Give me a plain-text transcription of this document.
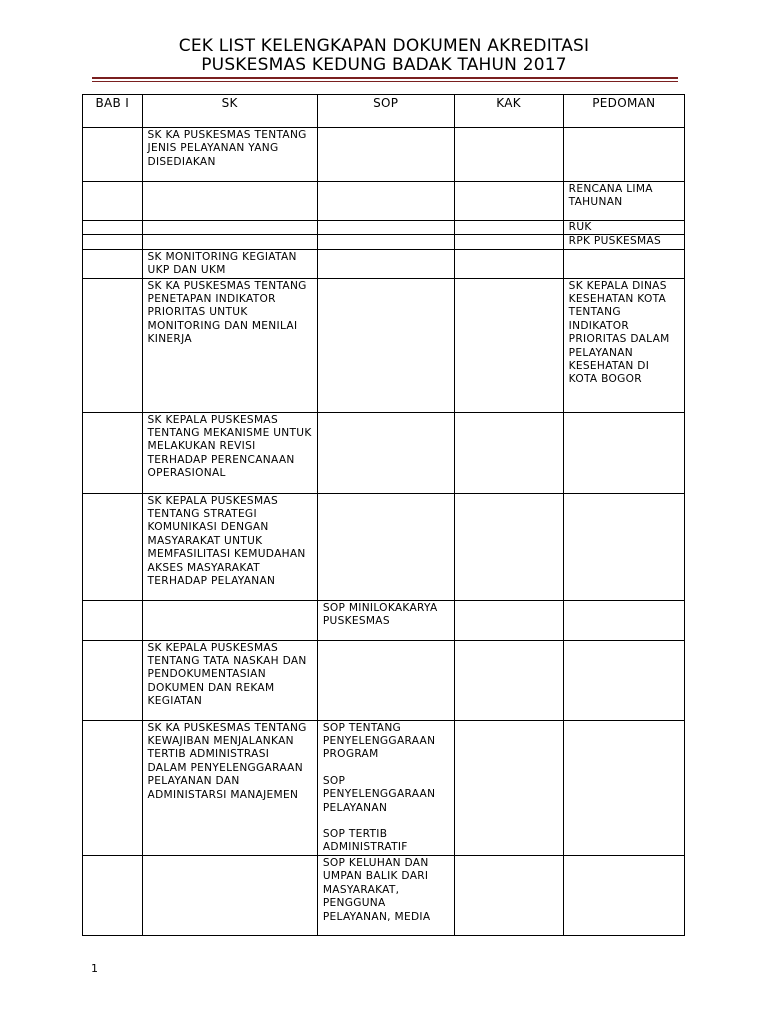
CEK LIST KELENGKAPAN DOKUMEN AKREDITASI
PUSKESMAS KEDUNG BADAK TAHUN 2017
BAB I	SK	SOP	KAK	PEDOMAN
	SK KA PUSKESMAS TENTANG JENIS PELAYANAN YANG DISEDIAKAN			
				RENCANA LIMA TAHUNAN
				RUK
				RPK PUSKESMAS
	SK MONITORING KEGIATAN UKP DAN UKM			
	SK KA PUSKESMAS TENTANG PENETAPAN INDIKATOR PRIORITAS UNTUK MONITORING DAN MENILAI KINERJA			SK KEPALA DINAS KESEHATAN KOTA TENTANG INDIKATOR PRIORITAS DALAM PELAYANAN KESEHATAN DI KOTA BOGOR
	SK KEPALA PUSKESMAS TENTANG MEKANISME UNTUK MELAKUKAN REVISI TERHADAP PERENCANAAN OPERASIONAL			
	SK KEPALA PUSKESMAS TENTANG STRATEGI KOMUNIKASI DENGAN MASYARAKAT UNTUK MEMFASILITASI KEMUDAHAN AKSES MASYARAKAT TERHADAP PELAYANAN			
		SOP MINILOKAKARYA PUSKESMAS		
	SK KEPALA PUSKESMAS TENTANG TATA NASKAH DAN PENDOKUMENTASIAN DOKUMEN DAN REKAM KEGIATAN			
	SK KA PUSKESMAS TENTANG KEWAJIBAN MENJALANKAN TERTIB ADMINISTRASI DALAM PENYELENGGARAAN PELAYANAN DAN ADMINISTARSI MANAJEMEN	SOP TENTANG PENYELENGGARAAN PROGRAM
SOP PENYELENGGARAAN PELAYANAN
SOP TERTIB ADMINISTRATIF		
		SOP KELUHAN DAN UMPAN BALIK DARI MASYARAKAT, PENGGUNA PELAYANAN, MEDIA		
1
